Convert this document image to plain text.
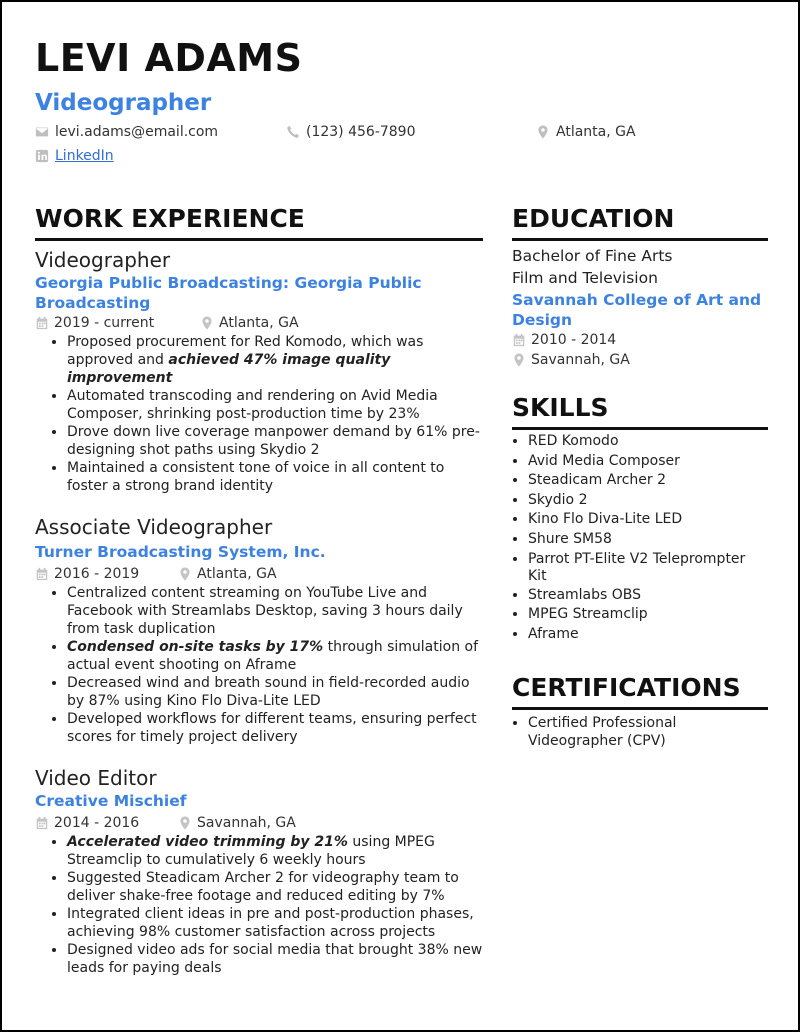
LEVI ADAMS
Videographer
levi.adams@email.com	(123) 456-7890	Atlanta, GA
LinkedIn
WORK EXPERIENCE

Videographer

Georgia Public Broadcasting: Georgia Public Broadcasting

2019 - current	Atlanta, GA
• Proposed procurement for Red Komodo, which was approved and achieved 47% image quality improvement
• Automated transcoding and rendering on Avid Media Composer, shrinking post-production time by 23%
• Drove down live coverage manpower demand by 61% pre-designing shot paths using Skydio 2
• Maintained a consistent tone of voice in all content to foster a strong brand identity

Associate Videographer

Turner Broadcasting System, Inc.

2016 - 2019	Atlanta, GA
• Centralized content streaming on YouTube Live and Facebook with Streamlabs Desktop, saving 3 hours daily from task duplication
• Condensed on-site tasks by 17% through simulation of actual event shooting on Aframe
• Decreased wind and breath sound in field-recorded audio by 87% using Kino Flo Diva-Lite LED
• Developed workflows for different teams, ensuring perfect scores for timely project delivery

Video Editor

Creative Mischief

2014 - 2016	Savannah, GA
• Accelerated video trimming by 21% using MPEG Streamclip to cumulatively 6 weekly hours
• Suggested Steadicam Archer 2 for videography team to deliver shake-free footage and reduced editing by 7%
• Integrated client ideas in pre and post-production phases, achieving 98% customer satisfaction across projects
• Designed video ads for social media that brought 38% new leads for paying deals
EDUCATION

Bachelor of Fine Arts

Film and Television

Savannah College of Art and Design

2010 - 2014
Savannah, GA
SKILLS
• RED Komodo
• Avid Media Composer
• Steadicam Archer 2
• Skydio 2
• Kino Flo Diva-Lite LED
• Shure SM58
• Parrot PT-Elite V2 Teleprompter Kit
• Streamlabs OBS
• MPEG Streamclip
• Aframe
CERTIFICATIONS
• Certified Professional Videographer (CPV)
